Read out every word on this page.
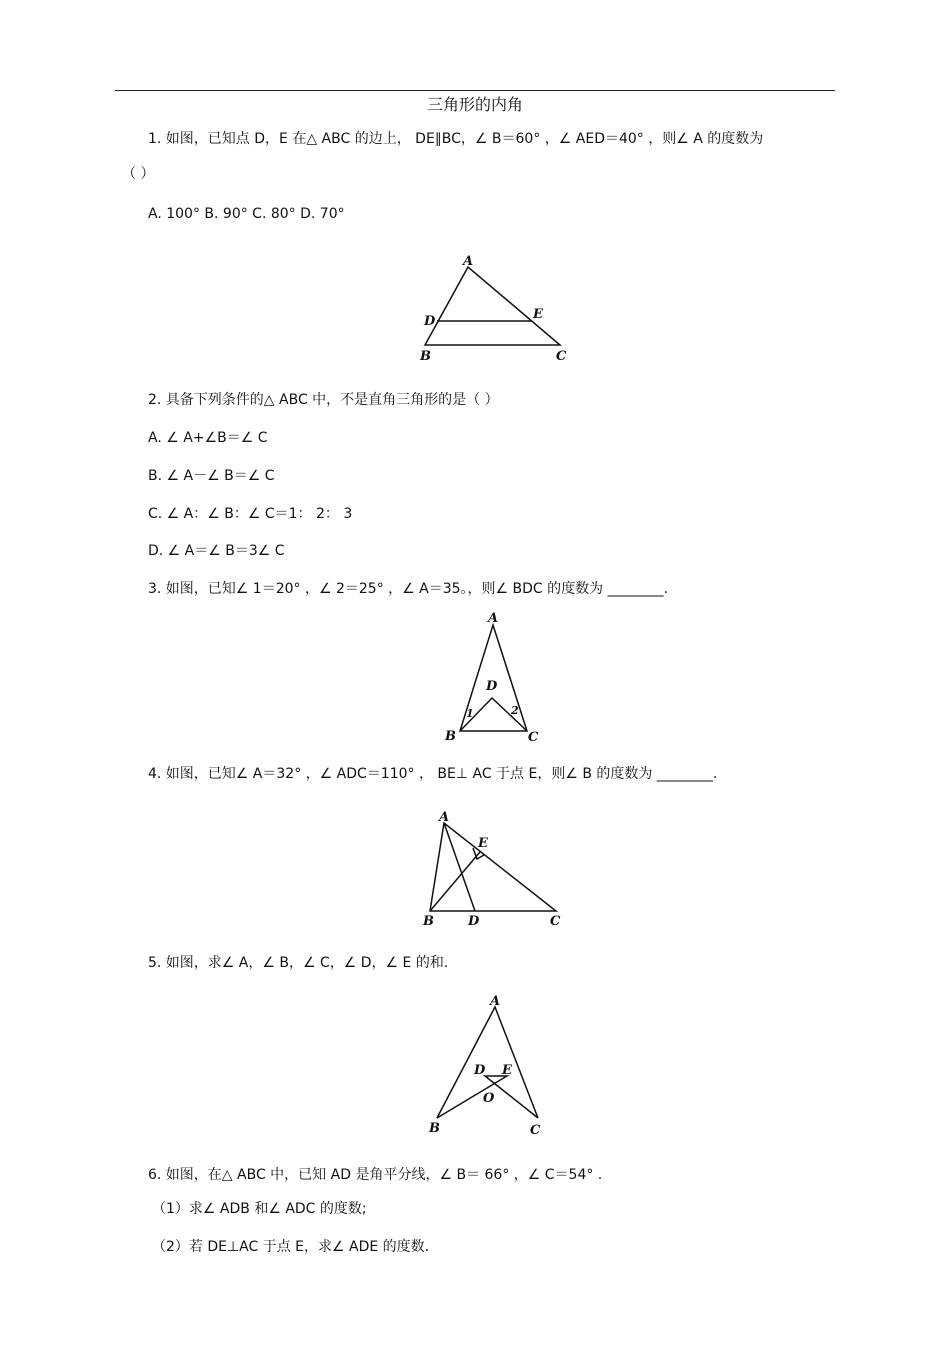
三角形的内角
1. 如图，已知点 D，E 在△ ABC 的边上， DE∥BC，∠ B＝60° ，∠ AED＝40° ，则∠ A 的度数为
（ ）
A. 100° B. 90° C. 80° D. 70°
A
B	C
D	E
2. 具备下列条件的△ ABC 中，不是直角三角形的是（ ）
A. ∠ A+∠B＝∠ C
B. ∠ A－∠ B＝∠ C
C. ∠ A：∠ B：∠ C＝1： 2： 3
D. ∠ A＝∠ B＝3∠ C
3. 如图，已知∠ 1＝20° ，∠ 2＝25° ，∠ A＝35。，则∠ BDC 的度数为 ________.
A
B	C
D
1	2
4. 如图，已知∠ A＝32° ，∠ ADC＝110° ， BE⊥ AC 于点 E，则∠ B 的度数为 ________.
A
B	C
D
E
5. 如图，求∠ A，∠ B，∠ C，∠ D，∠ E 的和.
A
B	C
D E
O
6. 如图，在△ ABC 中，已知 AD 是角平分线，∠ B＝ 66° ，∠ C＝54° .
（1）求∠ ADB 和∠ ADC 的度数;
（2）若 DE⊥AC 于点 E，求∠ ADE 的度数.
